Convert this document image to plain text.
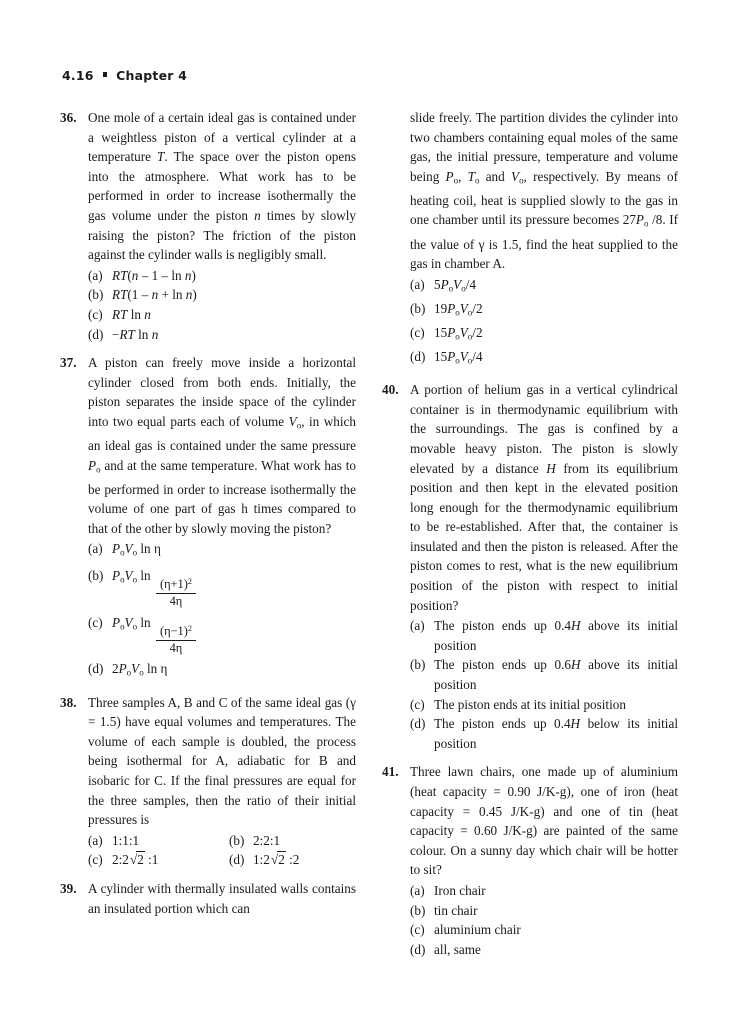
4.16 Chapter 4
36. One mole of a certain ideal gas is contained under a weightless piston of a vertical cylinder at a temperature T. The space over the piston opens into the atmosphere. What work has to be performed in order to increase isothermally the gas volume under the piston n times by slowly raising the piston? The friction of the piston against the cylinder walls is negligibly small.

(a) RT(n – 1 – ln n)
(b) RT(1 – n + ln n)
(c) RT ln n
(d) −RT ln n
37. A piston can freely move inside a horizontal cylinder closed from both ends. Initially, the piston separates the inside space of the cylinder into two equal parts each of volume $V_o$, in which an ideal gas is contained under the same pressure $P_o$ and at the same temperature. What work has to be performed in order to increase isothermally the volume of one part of gas h times compared to that of the other by slowly moving the piston?

(a) $P_oV_o$ ln η
(b) $P_oV_o$ ln
$\frac{(\eta+1)^2}{4\eta}$
(c) $P_oV_o$ ln
$\frac{(\eta-1)^2}{4\eta}$
(d) $2P_oV_o$ ln η
38. Three samples A, B and C of the same ideal gas (γ = 1.5) have equal volumes and temperatures. The volume of each sample is doubled, the process being isothermal for A, adiabatic for B and isobaric for C. If the final pressures are equal for the three samples, then the ratio of their initial pressures is

(a) 1:1:1	(b) 2:2:1
(c) 2:2√2 :1	(d) 1:2√2 :2
39. A cylinder with thermally insulated walls contains an insulated portion which can

slide freely. The partition divides the cylinder into two chambers containing equal moles of the same gas, the initial pressure, temperature and volume being $P_o$, $T_o$ and $V_o$, respectively. By means of heating coil, heat is supplied slowly to the gas in one chamber until its pressure becomes $27P_o$ /8. If the value of γ is 1.5, find the heat supplied to the gas in chamber A.

(a) $5P_oV_o/4$
(b) $19P_oV_o/2$
(c) $15P_oV_o/2$
(d) $15P_oV_o/4$
40. A portion of helium gas in a vertical cylindrical container is in thermodynamic equilibrium with the surroundings. The gas is confined by a movable heavy piston. The piston is slowly elevated by a distance H from its equilibrium position and then kept in the elevated position long enough for the thermodynamic equilibrium to be re-established. After that, the container is insulated and then the piston is released. After the piston comes to rest, what is the new equilibrium position of the piston with respect to initial position?

(a) The piston ends up 0.4H above its initial position
(b) The piston ends up 0.6H above its initial position
(c) The piston ends at its initial position
(d) The piston ends up 0.4H below its initial position
41. Three lawn chairs, one made up of aluminium (heat capacity = 0.90 J/K-g), one of iron (heat capacity = 0.45 J/K-g) and one of tin (heat capacity = 0.60 J/K-g) are painted of the same colour. On a sunny day which chair will be hotter to sit?

(a) Iron chair
(b) tin chair
(c) aluminium chair
(d) all, same
